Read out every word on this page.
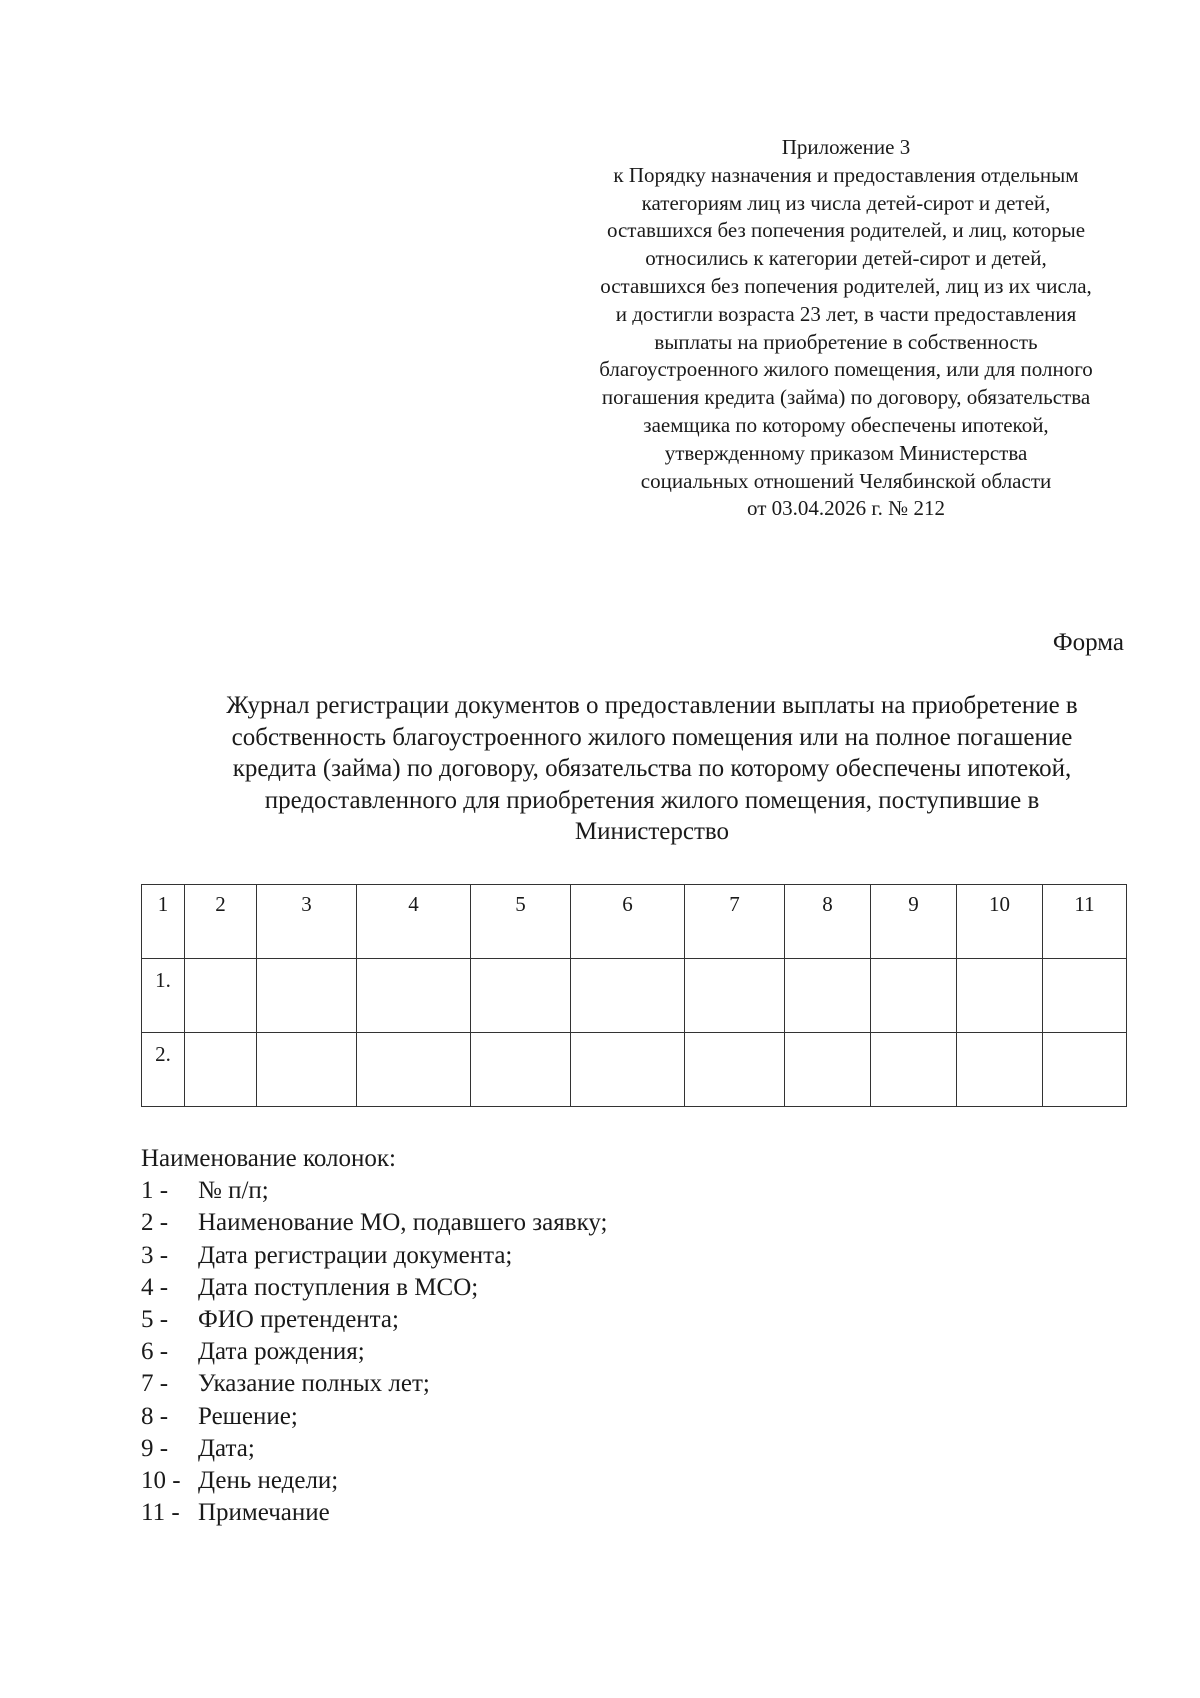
Приложение 3
к Порядку назначения и предоставления отдельным
категориям лиц из числа детей-сирот и детей,
оставшихся без попечения родителей, и лиц, которые
относились к категории детей-сирот и детей,
оставшихся без попечения родителей, лиц из их числа,
и достигли возраста 23 лет, в части предоставления
выплаты на приобретение в собственность
благоустроенного жилого помещения, или для полного
погашения кредита (займа) по договору, обязательства
заемщика по которому обеспечены ипотекой,
утвержденному приказом Министерства
социальных отношений Челябинской области
от 03.04.2026 г. № 212
Форма
Журнал регистрации документов о предоставлении выплаты на приобретение в
собственность благоустроенного жилого помещения или на полное погашение
кредита (займа) по договору, обязательства по которому обеспечены ипотекой,
предоставленного для приобретения жилого помещения, поступившие в
Министерство
1	2	3	4	5	6	7	8	9	10	11
1.										
2.										
Наименование колонок:
1 -	№ п/п;
2 -	Наименование МО, подавшего заявку;
3 -	Дата регистрации документа;
4 -	Дата поступления в МСО;
5 -	ФИО претендента;
6 -	Дата рождения;
7 -	Указание полных лет;
8 -	Решение;
9 -	Дата;
10 - День недели;
11 - Примечание
